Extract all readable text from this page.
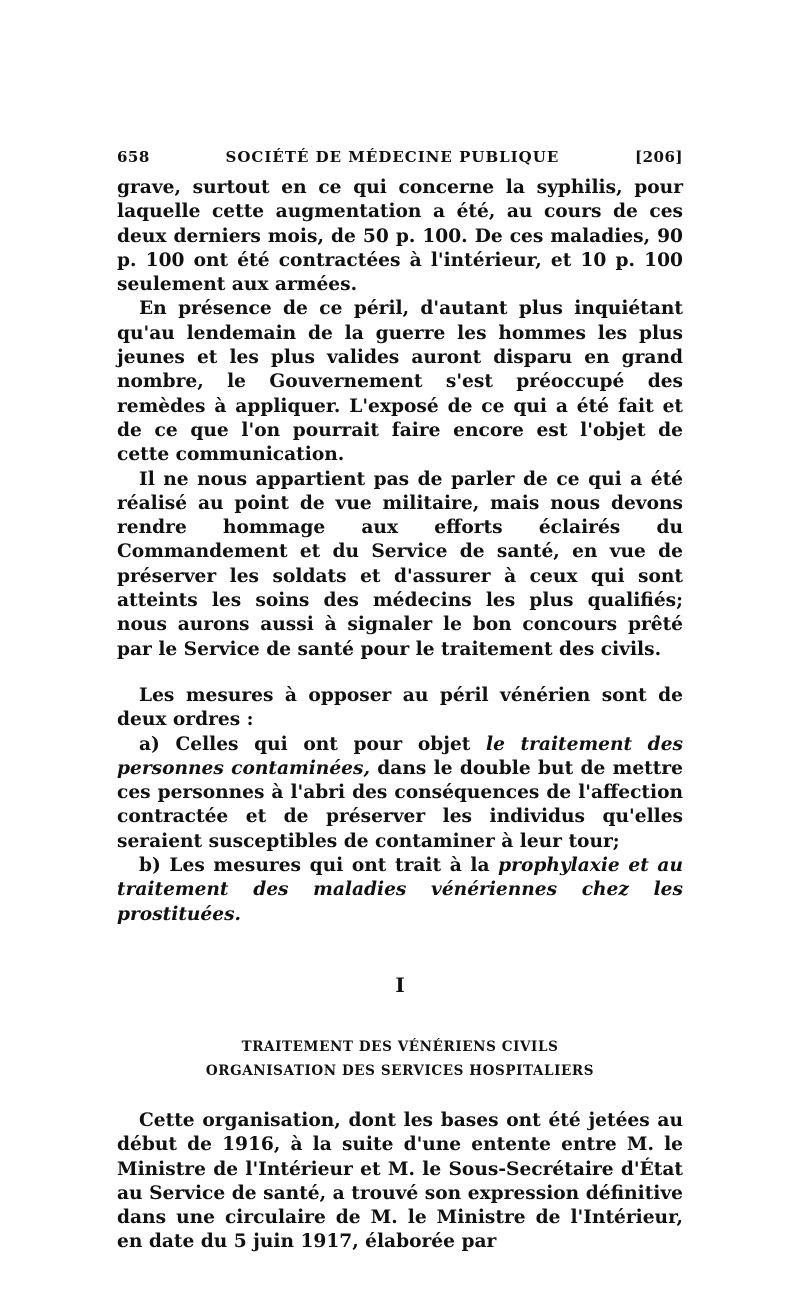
658	SOCIÉTÉ DE MÉDECINE PUBLIQUE	[206]

grave, surtout en ce qui concerne la syphilis, pour laquelle cette augmentation a été, au cours de ces deux derniers mois, de 50 p. 100. De ces maladies, 90 p. 100 ont été contractées à l'intérieur, et 10 p. 100 seulement aux armées.

En présence de ce péril, d'autant plus inquiétant qu'au lendemain de la guerre les hommes les plus jeunes et les plus valides auront disparu en grand nombre, le Gouvernement s'est préoccupé des remèdes à appliquer. L'exposé de ce qui a été fait et de ce que l'on pourrait faire encore est l'objet de cette communication.

Il ne nous appartient pas de parler de ce qui a été réalisé au point de vue militaire, mais nous devons rendre hommage aux efforts éclairés du Commandement et du Service de santé, en vue de préserver les soldats et d'assurer à ceux qui sont atteints les soins des médecins les plus qualifiés; nous aurons aussi à signaler le bon concours prêté par le Service de santé pour le traitement des civils.

Les mesures à opposer au péril vénérien sont de deux ordres :

a) Celles qui ont pour objet le traitement des personnes contaminées, dans le double but de mettre ces personnes à l'abri des conséquences de l'affection contractée et de préserver les individus qu'elles seraient susceptibles de contaminer à leur tour;

b) Les mesures qui ont trait à la prophylaxie et au traitement des maladies vénériennes chez les prostituées.

I

TRAITEMENT DES VÉNÉRIENS CIVILS

ORGANISATION DES SERVICES HOSPITALIERS

Cette organisation, dont les bases ont été jetées au début de 1916, à la suite d'une entente entre M. le Ministre de l'Intérieur et M. le Sous-Secrétaire d'État au Service de santé, a trouvé son expression définitive dans une circulaire de M. le Ministre de l'Intérieur, en date du 5 juin 1917, élaborée par
